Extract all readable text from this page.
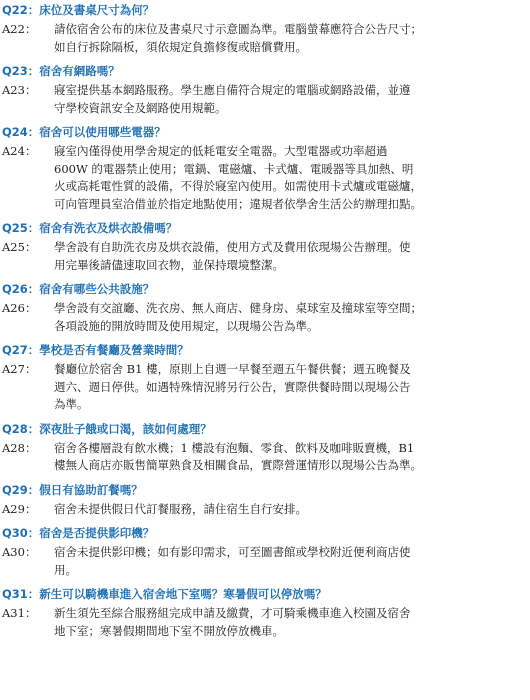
Q22：床位及書桌尺寸為何？
A22：	請依宿舍公布的床位及書桌尺寸示意圖為準。電腦螢幕應符合公告尺寸；
如自行拆除隔板，須依規定負擔修復或賠償費用。
Q23：宿舍有網路嗎？
A23：	寢室提供基本網路服務。學生應自備符合規定的電腦或網路設備，並遵
守學校資訊安全及網路使用規範。
Q24：宿舍可以使用哪些電器？
A24：	寢室內僅得使用學舍規定的低耗電安全電器。大型電器或功率超過
600W 的電器禁止使用；電鍋、電磁爐、卡式爐、電暖器等具加熱、明
火或高耗電性質的設備，不得於寢室內使用。如需使用卡式爐或電磁爐，
可向管理員室洽借並於指定地點使用；違規者依學舍生活公約辦理扣點。
Q25：宿舍有洗衣及烘衣設備嗎？
A25：	學舍設有自助洗衣房及烘衣設備，使用方式及費用依現場公告辦理。使
用完畢後請儘速取回衣物，並保持環境整潔。
Q26：宿舍有哪些公共設施？
A26：	學舍設有交誼廳、洗衣房、無人商店、健身房、桌球室及撞球室等空間；
各項設施的開放時間及使用規定，以現場公告為準。
Q27：學校是否有餐廳及營業時間？
A27：	餐廳位於宿舍 B1 樓，原則上自週一早餐至週五午餐供餐；週五晚餐及
週六、週日停供。如遇特殊情況將另行公告，實際供餐時間以現場公告
為準。
Q28：深夜肚子餓或口渴，該如何處理？
A28：	宿舍各樓層設有飲水機；1 樓設有泡麵、零食、飲料及咖啡販賣機，B1
樓無人商店亦販售簡單熟食及相關食品，實際營運情形以現場公告為準。
Q29：假日有協助訂餐嗎？
A29：	宿舍未提供假日代訂餐服務，請住宿生自行安排。
Q30：宿舍是否提供影印機？
A30：	宿舍未提供影印機；如有影印需求，可至圖書館或學校附近便利商店使
用。
Q31：新生可以騎機車進入宿舍地下室嗎？寒暑假可以停放嗎？
A31：	新生須先至綜合服務組完成申請及繳費，才可騎乘機車進入校園及宿舍
地下室；寒暑假期間地下室不開放停放機車。
